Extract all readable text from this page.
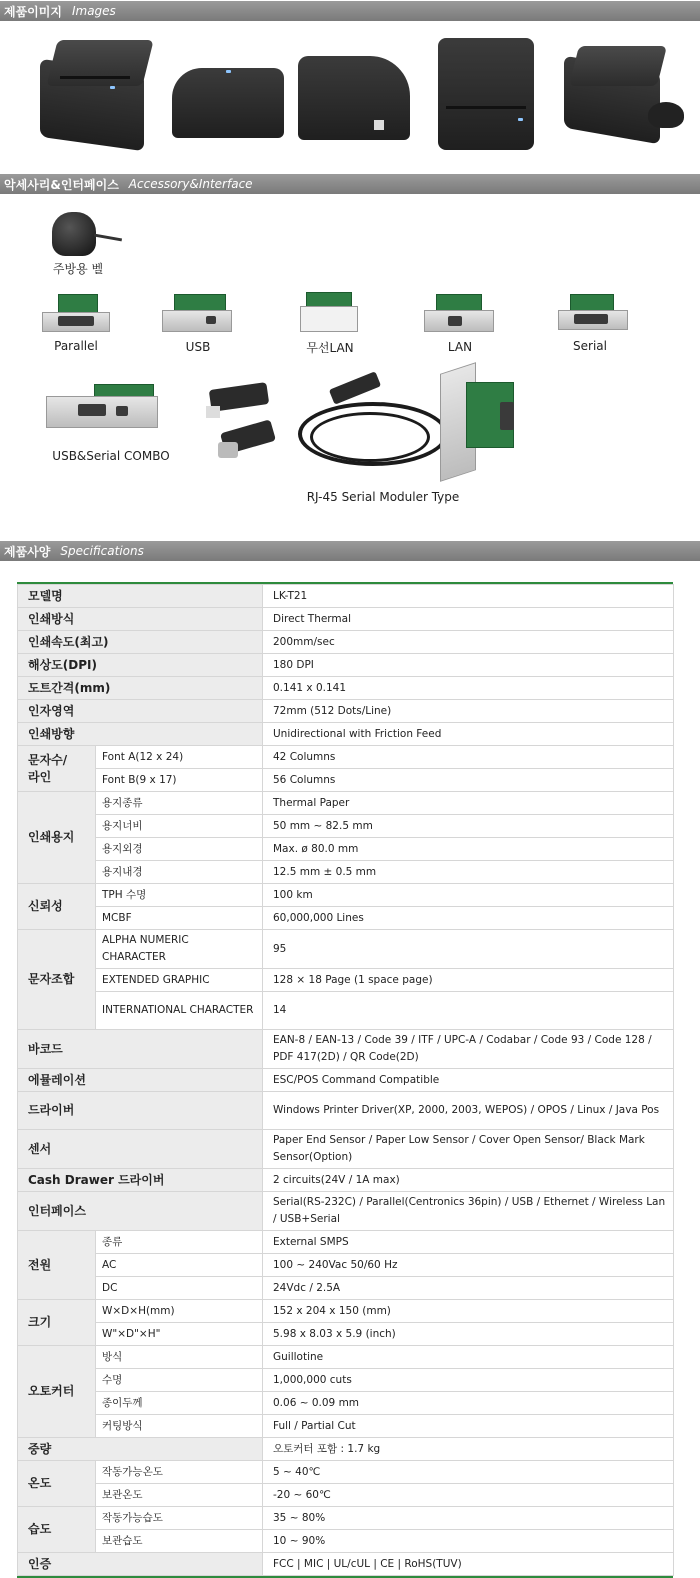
제품이미지 Images
악세사리&인터페이스 Accessory&Interface
주방용 벨
Parallel	USB	무선LAN	LAN	Serial
USB&Serial COMBO
RJ-45 Serial Moduler Type
제품사양 Specifications
모델명		LK-T21
인쇄방식		Direct Thermal
인쇄속도(최고)		200mm/sec
해상도(DPI)		180 DPI
도트간격(mm)		0.141 x 0.141
인자영역		72mm (512 Dots/Line)
인쇄방향		Unidirectional with Friction Feed
문자수/
라인	Font A(12 x 24)	42 Columns
	Font B(9 x 17)	56 Columns
인쇄용지	용지종류	Thermal Paper
	용지너비	50 mm ~ 82.5 mm
	용지외경	Max. ø 80.0 mm
	용지내경	12.5 mm ± 0.5 mm
신뢰성	TPH 수명	100 km
	MCBF	60,000,000 Lines
문자조합	ALPHA NUMERIC CHARACTER	95
	EXTENDED GRAPHIC	128 × 18 Page (1 space page)
	INTERNATIONAL CHARACTER	14
바코드		EAN-8 / EAN-13 / Code 39 / ITF / UPC-A / Codabar / Code 93 / Code 128 / PDF 417(2D) / QR Code(2D)
에뮬레이션		ESC/POS Command Compatible
드라이버		Windows Printer Driver(XP, 2000, 2003, WEPOS) / OPOS / Linux / Java Pos
센서		Paper End Sensor / Paper Low Sensor / Cover Open Sensor/ Black Mark Sensor(Option)
Cash Drawer 드라이버		2 circuits(24V / 1A max)
인터페이스		Serial(RS-232C) / Parallel(Centronics 36pin) / USB / Ethernet / Wireless Lan / USB+Serial
전원	종류	External SMPS
	AC	100 ~ 240Vac 50/60 Hz
	DC	24Vdc / 2.5A
크기	W×D×H(mm)	152 x 204 x 150 (mm)
	W"×D"×H"	5.98 x 8.03 x 5.9 (inch)
오토커터	방식	Guillotine
	수명	1,000,000 cuts
	종이두께	0.06 ~ 0.09 mm
	커팅방식	Full / Partial Cut
중량		오토커터 포함 : 1.7 kg
온도	작동가능온도	5 ~ 40℃
	보관온도	-20 ~ 60℃
습도	작동가능습도	35 ~ 80%
	보관습도	10 ~ 90%
인증		FCC | MIC | UL/cUL | CE | RoHS(TUV)
